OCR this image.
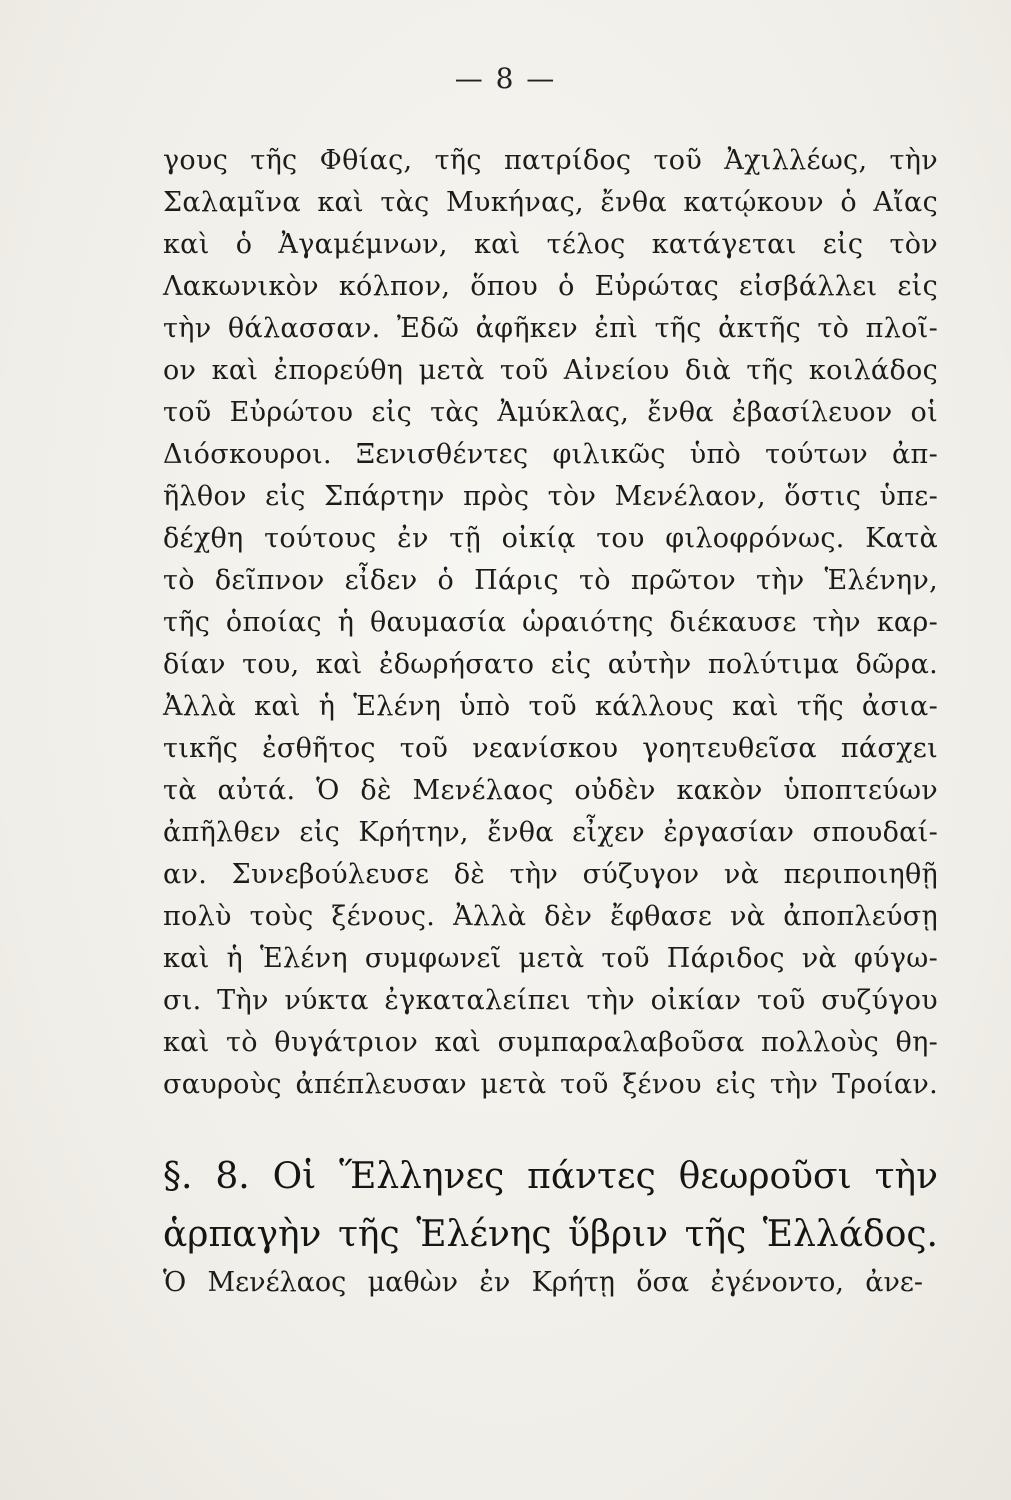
— 8 —
γους τῆς Φθίας, τῆς πατρίδος τοῦ Ἀχιλλέως, τὴν
Σαλαμῖνα καὶ τὰς Μυκήνας, ἔνθα κατῴκουν ὁ Αἴας
καὶ ὁ Ἀγαμέμνων, καὶ τέλος κατάγεται εἰς τὸν
Λακωνικὸν κόλπον, ὅπου ὁ Εὐρώτας εἰσβάλλει εἰς
τὴν θάλασσαν. Ἐδῶ ἀφῆκεν ἐπὶ τῆς ἀκτῆς τὸ πλοῖ-
ον καὶ ἐπορεύθη μετὰ τοῦ Αἰνείου διὰ τῆς κοιλάδος
τοῦ Εὐρώτου εἰς τὰς Ἀμύκλας, ἔνθα ἐβασίλευον οἱ
Διόσκουροι. Ξενισθέντες φιλικῶς ὑπὸ τούτων ἀπ-
ῆλθον εἰς Σπάρτην πρὸς τὸν Μενέλαον, ὅστις ὑπε-
δέχθη τούτους ἐν τῇ οἰκίᾳ του φιλοφρόνως. Κατὰ
τὸ δεῖπνον εἶδεν ὁ Πάρις τὸ πρῶτον τὴν Ἑλένην,
τῆς ὁποίας ἡ θαυμασία ὡραιότης διέκαυσε τὴν καρ-
δίαν του, καὶ ἐδωρήσατο εἰς αὐτὴν πολύτιμα δῶρα.
Ἀλλὰ καὶ ἡ Ἑλένη ὑπὸ τοῦ κάλλους καὶ τῆς ἀσια-
τικῆς ἐσθῆτος τοῦ νεανίσκου γοητευθεῖσα πάσχει
τὰ αὐτά. Ὁ δὲ Μενέλαος οὐδὲν κακὸν ὑποπτεύων
ἀπῆλθεν εἰς Κρήτην, ἔνθα εἶχεν ἐργασίαν σπουδαί-
αν. Συνεβούλευσε δὲ τὴν σύζυγον νὰ περιποιηθῇ
πολὺ τοὺς ξένους. Ἀλλὰ δὲν ἔφθασε νὰ ἀποπλεύσῃ
καὶ ἡ Ἑλένη συμφωνεῖ μετὰ τοῦ Πάριδος νὰ φύγω-
σι. Τὴν νύκτα ἐγκαταλείπει τὴν οἰκίαν τοῦ συζύγου
καὶ τὸ θυγάτριον καὶ συμπαραλαβοῦσα πολλοὺς θη-
σαυροὺς ἀπέπλευσαν μετὰ τοῦ ξένου εἰς τὴν Τροίαν.
§. 8. Οἱ Ἕλληνες πάντες θεωροῦσι τὴν
ἁρπαγὴν τῆς Ἑλένης ὕβριν τῆς Ἑλλάδος.
Ὁ Μενέλαος μαθὼν ἐν Κρήτῃ ὅσα ἐγένοντο, ἀνε-
